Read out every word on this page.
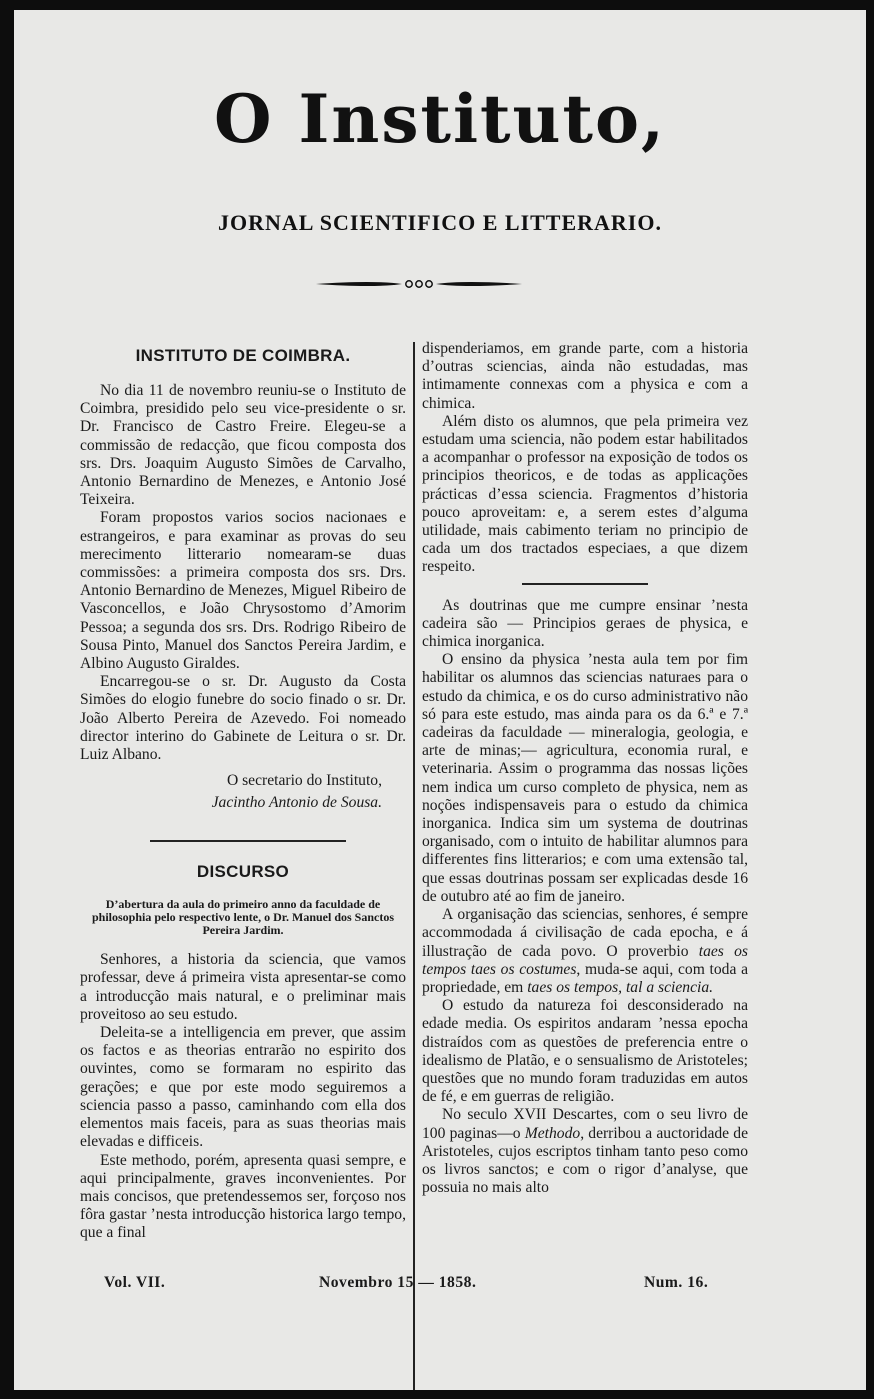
O Instituto,
JORNAL SCIENTIFICO E LITTERARIO.
INSTITUTO DE COIMBRA.

No dia 11 de novembro reuniu-se o Instituto de Coimbra, presidido pelo seu vice-presidente o sr. Dr. Francisco de Castro Freire. Elegeu-se a commissão de redacção, que ficou composta dos srs. Drs. Joaquim Augusto Simões de Carvalho, Antonio Bernardino de Menezes, e Antonio José Teixeira.

Foram propostos varios socios nacionaes e estrangeiros, e para examinar as provas do seu merecimento litterario nomearam-se duas commissões: a primeira composta dos srs. Drs. Antonio Bernardino de Menezes, Miguel Ribeiro de Vasconcellos, e João Chrysostomo d’Amorim Pessoa; a segunda dos srs. Drs. Rodrigo Ribeiro de Sousa Pinto, Manuel dos Sanctos Pereira Jardim, e Albino Augusto Giraldes.

Encarregou-se o sr. Dr. Augusto da Costa Simões do elogio funebre do socio finado o sr. Dr. João Alberto Pereira de Azevedo. Foi nomeado director interino do Gabinete de Leitura o sr. Dr. Luiz Albano.

O secretario do Instituto,
Jacintho Antonio de Sousa.
DISCURSO
D’abertura da aula do primeiro anno da faculdade de philosophia pelo respectivo lente, o Dr. Manuel dos Sanctos Pereira Jardim.

Senhores, a historia da sciencia, que vamos professar, deve á primeira vista apresentar-se como a introducção mais natural, e o preliminar mais proveitoso ao seu estudo.

Deleita-se a intelligencia em prever, que assim os factos e as theorias entrarão no espirito dos ouvintes, como se formaram no espirito das gerações; e que por este modo seguiremos a sciencia passo a passo, caminhando com ella dos elementos mais faceis, para as suas theorias mais elevadas e difficeis.

Este methodo, porém, apresenta quasi sempre, e aqui principalmente, graves inconvenientes. Por mais concisos, que pretendessemos ser, forçoso nos fôra gastar ’nesta introducção historica largo tempo, que a final

dispenderiamos, em grande parte, com a historia d’outras sciencias, ainda não estudadas, mas intimamente connexas com a physica e com a chimica.

Além disto os alumnos, que pela primeira vez estudam uma sciencia, não podem estar habilitados a acompanhar o professor na exposição de todos os principios theoricos, e de todas as applicações prácticas d’essa sciencia. Fragmentos d’historia pouco aproveitam: e, a serem estes d’alguma utilidade, mais cabimento teriam no principio de cada um dos tractados especiaes, a que dizem respeito.

As doutrinas que me cumpre ensinar ’nesta cadeira são — Principios geraes de physica, e chimica inorganica.

O ensino da physica ’nesta aula tem por fim habilitar os alumnos das sciencias naturaes para o estudo da chimica, e os do curso administrativo não só para este estudo, mas ainda para os da 6.ª e 7.ª cadeiras da faculdade — mineralogia, geologia, e arte de minas;— agricultura, economia rural, e veterinaria. Assim o programma das nossas lições nem indica um curso completo de physica, nem as noções indispensaveis para o estudo da chimica inorganica. Indica sim um systema de doutrinas organisado, com o intuito de habilitar alumnos para differentes fins litterarios; e com uma extensão tal, que essas doutrinas possam ser explicadas desde 16 de outubro até ao fim de janeiro.

A organisação das sciencias, senhores, é sempre accommodada á civilisação de cada epocha, e á illustração de cada povo. O proverbio taes os tempos taes os costumes, muda-se aqui, com toda a propriedade, em taes os tempos, tal a sciencia.

O estudo da natureza foi desconsiderado na edade media. Os espiritos andaram ’nessa epocha distraídos com as questões de preferencia entre o idealismo de Platão, e o sensualismo de Aristoteles; questões que no mundo foram traduzidas em autos de fé, e em guerras de religião.

No seculo XVII Descartes, com o seu livro de 100 paginas—o Methodo, derribou a auctoridade de Aristoteles, cujos escriptos tinham tanto peso como os livros sanctos; e com o rigor d’analyse, que possuia no mais alto

Vol. VII.	Novembro 15 — 1858.	Num. 16.
